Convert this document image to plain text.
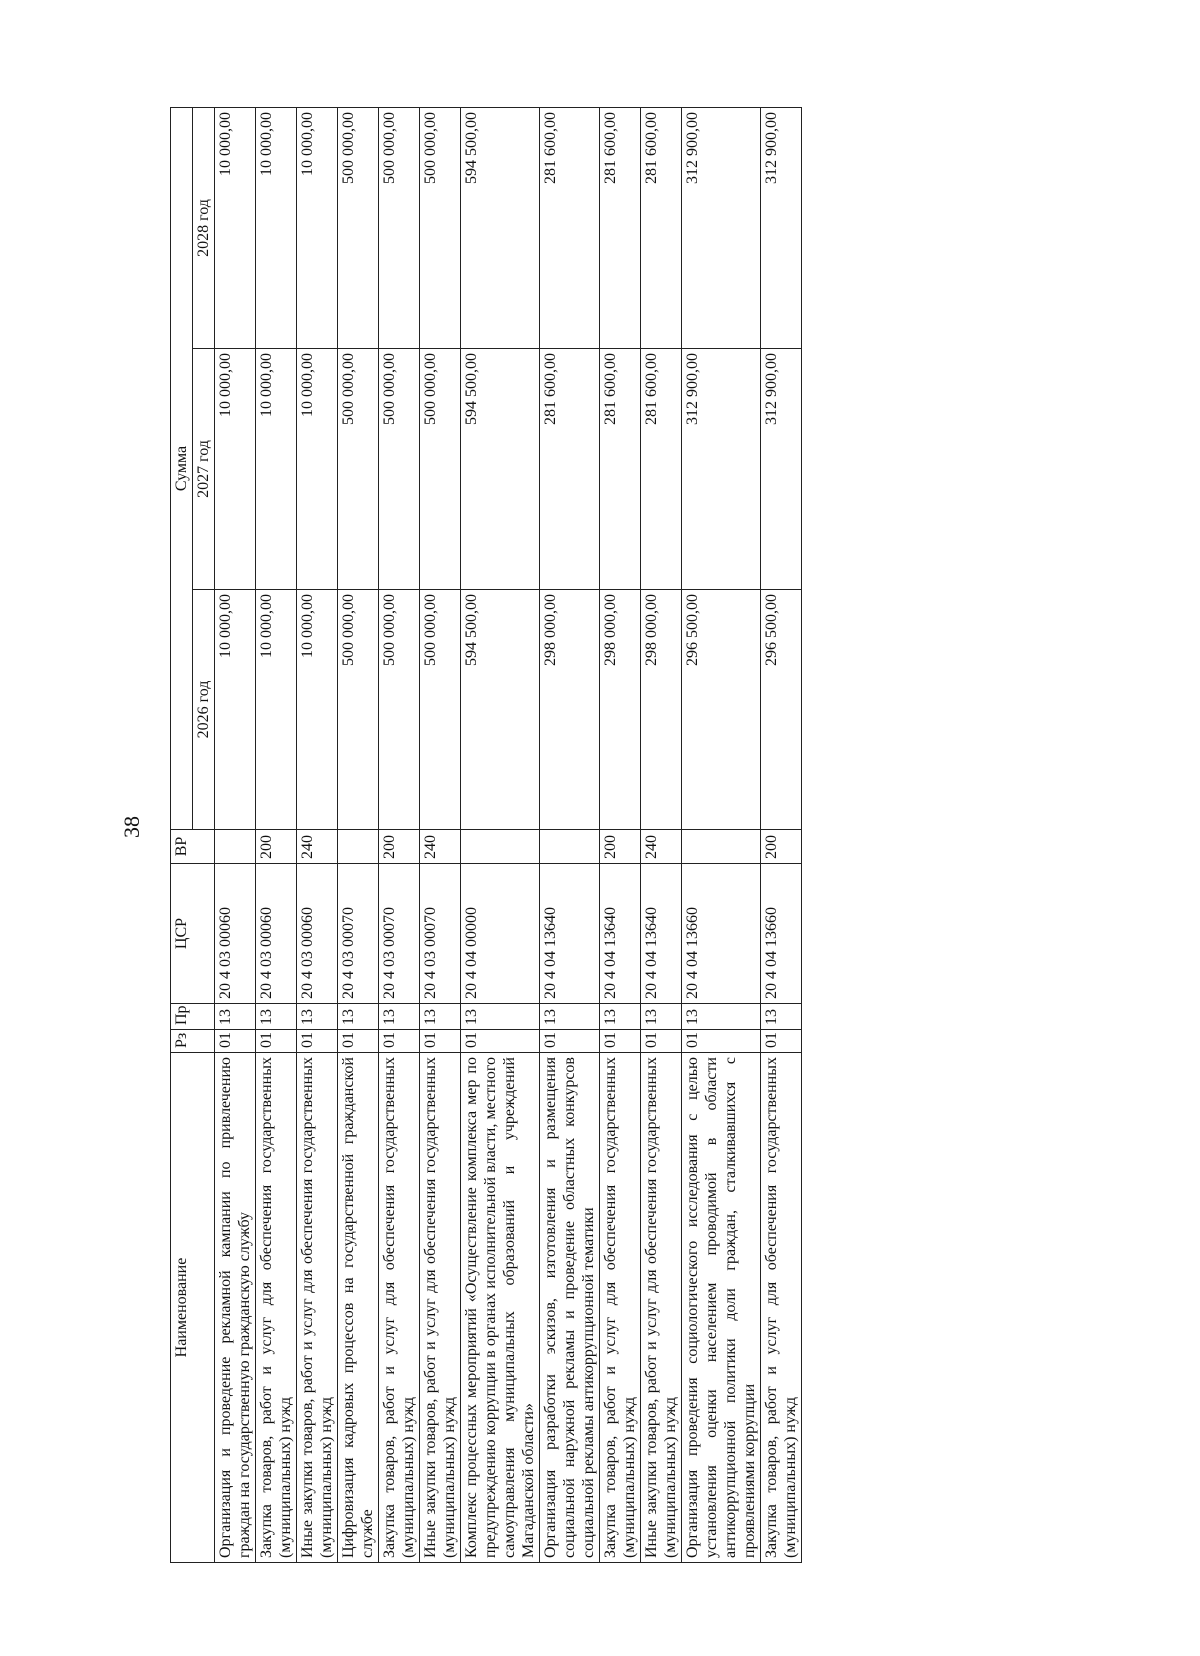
38
Наименование	Рз	Пр	ЦСР	ВР	Сумма		
					2026 год	2027 год	2028 год
Организация и проведение рекламной кампании по привлечению граждан на государственную гражданскую службу	01	13	20 4 03 00060		10 000,00	10 000,00	10 000,00
Закупка товаров, работ и услуг для обеспечения государственных (муниципальных) нужд	01	13	20 4 03 00060	200	10 000,00	10 000,00	10 000,00
Иные закупки товаров, работ и услуг для обеспечения государственных (муниципальных) нужд	01	13	20 4 03 00060	240	10 000,00	10 000,00	10 000,00
Цифровизация кадровых процессов на государственной гражданской службе	01	13	20 4 03 00070		500 000,00	500 000,00	500 000,00
Закупка товаров, работ и услуг для обеспечения государственных (муниципальных) нужд	01	13	20 4 03 00070	200	500 000,00	500 000,00	500 000,00
Иные закупки товаров, работ и услуг для обеспечения государственных (муниципальных) нужд	01	13	20 4 03 00070	240	500 000,00	500 000,00	500 000,00
Комплекс процессных мероприятий «Осуществление комплекса мер по предупреждению коррупции в органах исполнительной власти, местного самоуправления муниципальных образований и учреждений Магаданской области»	01	13	20 4 04 00000		594 500,00	594 500,00	594 500,00
Организация разработки эскизов, изготовления и размещения социальной наружной рекламы и проведение областных конкурсов социальной рекламы антикоррупционной тематики	01	13	20 4 04 13640		298 000,00	281 600,00	281 600,00
Закупка товаров, работ и услуг для обеспечения государственных (муниципальных) нужд	01	13	20 4 04 13640	200	298 000,00	281 600,00	281 600,00
Иные закупки товаров, работ и услуг для обеспечения государственных (муниципальных) нужд	01	13	20 4 04 13640	240	298 000,00	281 600,00	281 600,00
Организация проведения социологического исследования с целью установления оценки населением проводимой в области антикоррупционной политики доли граждан, сталкивавшихся с проявлениями коррупции	01	13	20 4 04 13660		296 500,00	312 900,00	312 900,00
Закупка товаров, работ и услуг для обеспечения государственных (муниципальных) нужд	01	13	20 4 04 13660	200	296 500,00	312 900,00	312 900,00
